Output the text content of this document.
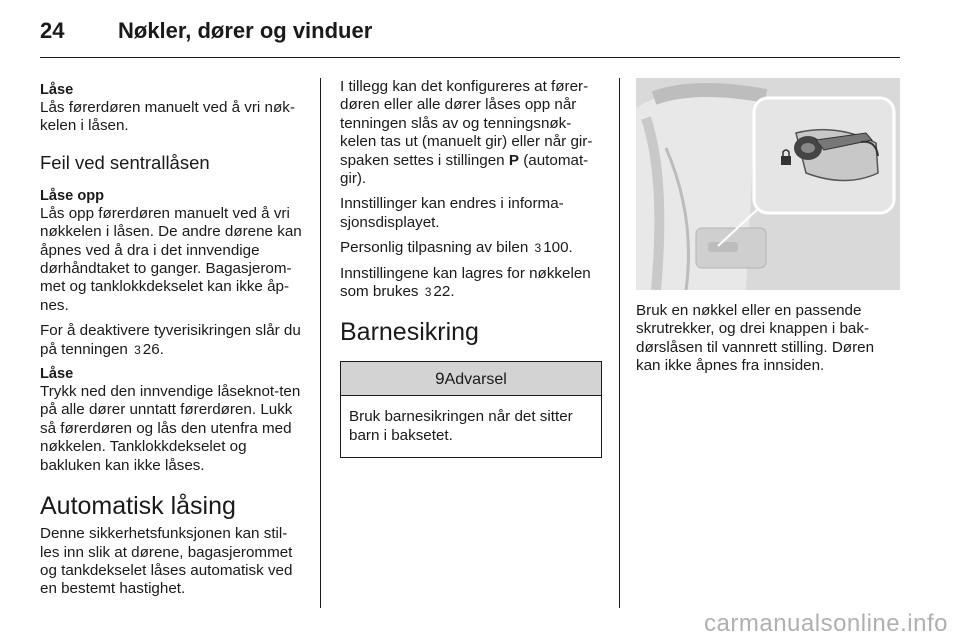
24 Nøkler, dører og vinduer
Låse

Lås førerdøren manuelt ved å vri nøk-kelen i låsen.

Feil ved sentrallåsen
Låse opp

Lås opp førerdøren manuelt ved å vri nøkkelen i låsen. De andre dørene kan åpnes ved å dra i det innvendige dørhåndtaket to ganger. Bagasjerom-met og tanklokkdekselet kan ikke åp-nes.

For å deaktivere tyverisikringen slår du på tenningen 3 26.

Låse

Trykk ned den innvendige låseknot-ten på alle dører unntatt førerdøren. Lukk så førerdøren og lås den utenfra med nøkkelen. Tanklokkdekselet og bakluken kan ikke låses.

Automatisk låsing

Denne sikkerhetsfunksjonen kan stil-les inn slik at dørene, bagasjerommet og tankdekselet låses automatisk ved en bestemt hastighet.

I tillegg kan det konfigureres at fører-døren eller alle dører låses opp når tenningen slås av og tenningsnøk-kelen tas ut (manuelt gir) eller når gir-spaken settes i stillingen P (automat-gir).

Innstillinger kan endres i informa-sjonsdisplayet.

Personlig tilpasning av bilen 3 100.

Innstillingene kan lagres for nøkkelen som brukes 3 22.

Barnesikring
9Advarsel
Bruk barnesikringen når det sitter barn i baksetet.

Bruk en nøkkel eller en passende skrutrekker, og drei knappen i bak-dørslåsen til vannrett stilling. Døren kan ikke åpnes fra innsiden.

carmanualsonline.info
